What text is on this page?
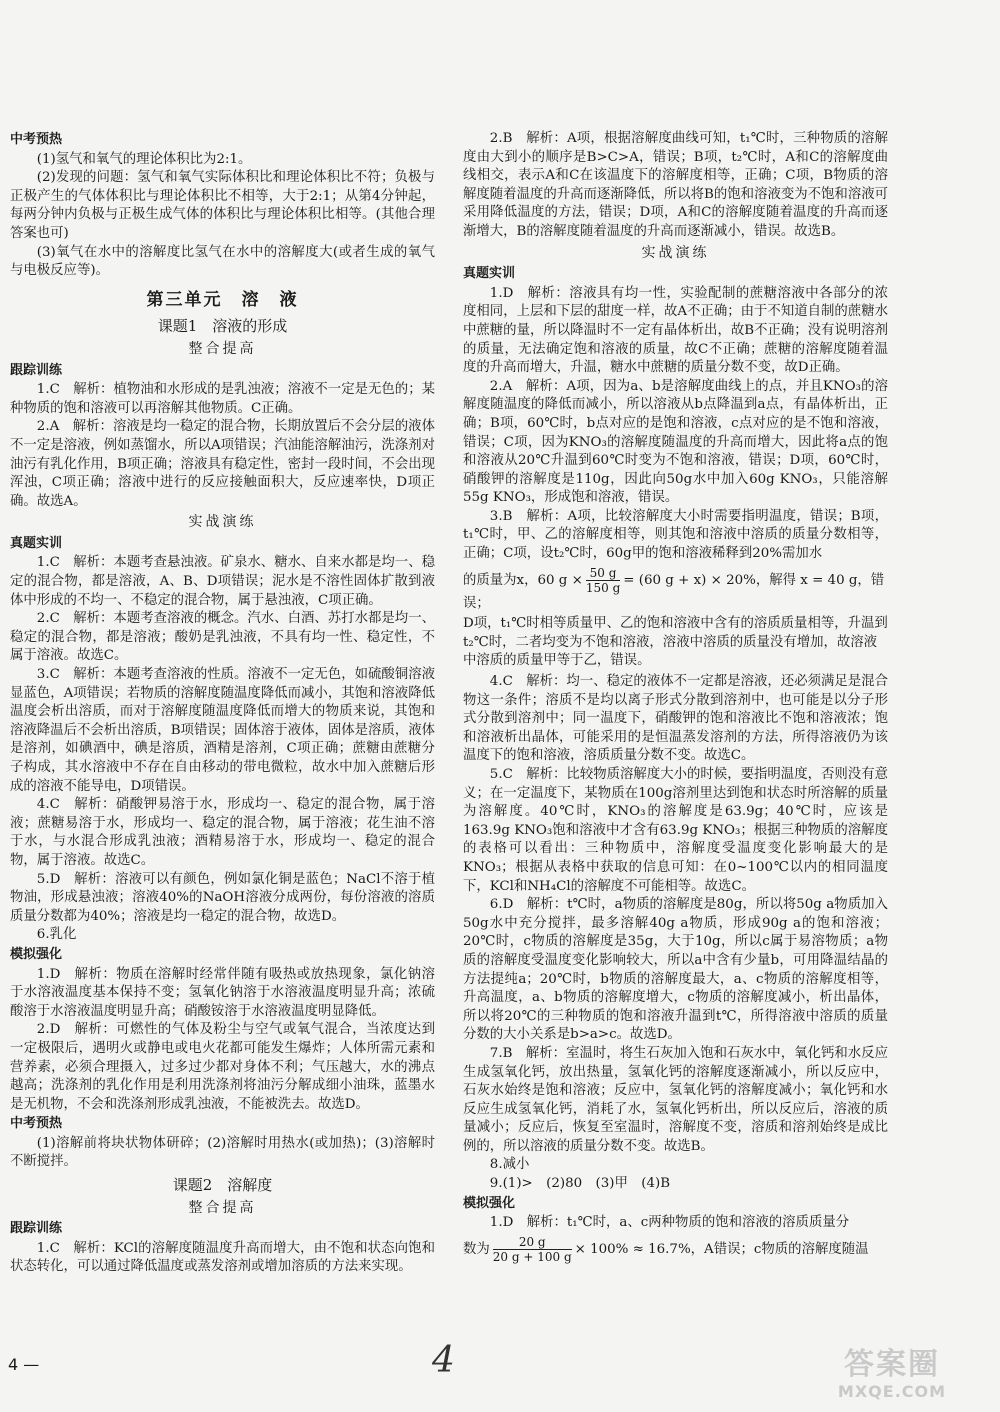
中考预热

(1)氢气和氧气的理论体积比为2:1。

(2)发现的问题：氢气和氧气实际体积比和理论体积比不符；负极与正极产生的气体体积比与理论体积比不相等，大于2:1；从第4分钟起，每两分钟内负极与正极生成气体的体积比与理论体积比相等。(其他合理答案也可)

(3)氧气在水中的溶解度比氢气在水中的溶解度大(或者生成的氧气与电极反应等)。

第三单元　溶　液
课题1　溶液的形成
整合提高
跟踪训练

1.C　解析：植物油和水形成的是乳浊液；溶液不一定是无色的；某种物质的饱和溶液可以再溶解其他物质。C正确。

2.A　解析：溶液是均一稳定的混合物，长期放置后不会分层的液体不一定是溶液，例如蒸馏水，所以A项错误；汽油能溶解油污，洗涤剂对油污有乳化作用，B项正确；溶液具有稳定性，密封一段时间，不会出现浑浊，C项正确；溶液中进行的反应接触面积大，反应速率快，D项正确。故选A。

实战演练
真题实训

1.C　解析：本题考查悬浊液。矿泉水、糖水、自来水都是均一、稳定的混合物，都是溶液，A、B、D项错误；泥水是不溶性固体扩散到液体中形成的不均一、不稳定的混合物，属于悬浊液，C项正确。

2.C　解析：本题考查溶液的概念。汽水、白酒、苏打水都是均一、稳定的混合物，都是溶液；酸奶是乳浊液，不具有均一性、稳定性，不属于溶液。故选C。

3.C　解析：本题考查溶液的性质。溶液不一定无色，如硫酸铜溶液显蓝色，A项错误；若物质的溶解度随温度降低而减小，其饱和溶液降低温度会析出溶质，而对于溶解度随温度降低而增大的物质来说，其饱和溶液降温后不会析出溶质，B项错误；固体溶于液体，固体是溶质，液体是溶剂，如碘酒中，碘是溶质，酒精是溶剂，C项正确；蔗糖由蔗糖分子构成，其水溶液中不存在自由移动的带电微粒，故水中加入蔗糖后形成的溶液不能导电，D项错误。

4.C　解析：硝酸钾易溶于水，形成均一、稳定的混合物，属于溶液；蔗糖易溶于水，形成均一、稳定的混合物，属于溶液；花生油不溶于水，与水混合形成乳浊液；酒精易溶于水，形成均一、稳定的混合物，属于溶液。故选C。

5.D　解析：溶液可以有颜色，例如氯化铜是蓝色；NaCl不溶于植物油，形成悬浊液；溶液40%的NaOH溶液分成两份，每份溶液的溶质质量分数都为40%；溶液是均一稳定的混合物，故选D。

6.乳化

模拟强化

1.D　解析：物质在溶解时经常伴随有吸热或放热现象，氯化钠溶于水溶液温度基本保持不变；氢氧化钠溶于水溶液温度明显升高；浓硫酸溶于水溶液温度明显升高；硝酸铵溶于水溶液温度明显降低。

2.D　解析：可燃性的气体及粉尘与空气或氧气混合，当浓度达到一定极限后，遇明火或静电或电火花都可能发生爆炸；人体所需元素和营养素，必须合理摄入，过多过少都对身体不利；气压越大，水的沸点越高；洗涤剂的乳化作用是利用洗涤剂将油污分解成细小油珠，蓝墨水是无机物，不会和洗涤剂形成乳浊液，不能被洗去。故选D。

中考预热

(1)溶解前将块状物体研碎；(2)溶解时用热水(或加热)；(3)溶解时不断搅拌。

课题2　溶解度
整合提高
跟踪训练

1.C　解析：KCl的溶解度随温度升高而增大，由不饱和状态向饱和状态转化，可以通过降低温度或蒸发溶剂或增加溶质的方法来实现。

2.B　解析：A项，根据溶解度曲线可知，t₁℃时，三种物质的溶解度由大到小的顺序是B>C>A，错误；B项，t₂℃时，A和C的溶解度曲线相交，表示A和C在该温度下的溶解度相等，正确；C项，B物质的溶解度随着温度的升高而逐渐降低，所以将B的饱和溶液变为不饱和溶液可采用降低温度的方法，错误；D项，A和C的溶解度随着温度的升高而逐渐增大，B的溶解度随着温度的升高而逐渐减小，错误。故选B。

实战演练
真题实训

1.D　解析：溶液具有均一性，实验配制的蔗糖溶液中各部分的浓度相同，上层和下层的甜度一样，故A不正确；由于不知道自制的蔗糖水中蔗糖的量，所以降温时不一定有晶体析出，故B不正确；没有说明溶剂的质量，无法确定饱和溶液的质量，故C不正确；蔗糖的溶解度随着温度的升高而增大，升温，糖水中蔗糖的质量分数不变，故D正确。

2.A　解析：A项，因为a、b是溶解度曲线上的点，并且KNO₃的溶解度随温度的降低而减小，所以溶液从b点降温到a点，有晶体析出，正确；B项，60℃时，b点对应的是饱和溶液，c点对应的是不饱和溶液，错误；C项，因为KNO₃的溶解度随温度的升高而增大，因此将a点的饱和溶液从20℃升温到60℃时变为不饱和溶液，错误；D项，60℃时，硝酸钾的溶解度是110g，因此向50g水中加入60g KNO₃，只能溶解55g KNO₃，形成饱和溶液，错误。

3.B　解析：A项，比较溶解度大小时需要指明温度，错误；B项，t₁℃时，甲、乙的溶解度相等，则其饱和溶液中溶质的质量分数相等，正确；C项，设t₂℃时，60g甲的饱和溶液稀释到20%需加水

的质量为x，60 $g \times \frac{50 g}{150 g} = (60$ g + x) × 20%，解得 x = 40 g，错误；

D项，t₁℃时相等质量甲、乙的饱和溶液中含有的溶质质量相等，升温到t₂℃时，二者均变为不饱和溶液，溶液中溶质的质量没有增加，故溶液中溶质的质量甲等于乙，错误。

4.C　解析：均一、稳定的液体不一定都是溶液，还必须满足是混合物这一条件；溶质不是均以离子形式分散到溶剂中，也可能是以分子形式分散到溶剂中；同一温度下，硝酸钾的饱和溶液比不饱和溶液浓；饱和溶液析出晶体，可能采用的是恒温蒸发溶剂的方法，所得溶液仍为该温度下的饱和溶液，溶质质量分数不变。故选C。

5.C　解析：比较物质溶解度大小的时候，要指明温度，否则没有意义；在一定温度下，某物质在100g溶剂里达到饱和状态时所溶解的质量为溶解度。40℃时，KNO₃的溶解度是63.9g；40℃时，应该是163.9g KNO₃饱和溶液中才含有63.9g KNO₃；根据三种物质的溶解度的表格可以看出：三种物质中，溶解度受温度变化影响最大的是KNO₃；根据从表格中获取的信息可知：在0~100℃以内的相同温度下，KCl和NH₄Cl的溶解度不可能相等。故选C。

6.D　解析：t℃时，a物质的溶解度是80g，所以将50g a物质加入50g水中充分搅拌，最多溶解40g a物质，形成90g a的饱和溶液；20℃时，c物质的溶解度是35g，大于10g，所以c属于易溶物质；a物质的溶解度受温度变化影响较大，所以a中含有少量b，可用降温结晶的方法提纯a；20℃时，b物质的溶解度最大，a、c物质的溶解度相等，升高温度，a、b物质的溶解度增大，c物质的溶解度减小，析出晶体，所以将20℃的三种物质的饱和溶液升温到t℃，所得溶液中溶质的质量分数的大小关系是b>a>c。故选D。

7.B　解析：室温时，将生石灰加入饱和石灰水中，氧化钙和水反应生成氢氧化钙，放出热量，氢氧化钙的溶解度逐渐减小，所以反应中，石灰水始终是饱和溶液；反应中，氢氧化钙的溶解度减小；氧化钙和水反应生成氢氧化钙，消耗了水，氢氧化钙析出，所以反应后，溶液的质量减小；反应后，恢复至室温时，溶解度不变，溶质和溶剂始终是成比例的，所以溶液的质量分数不变。故选B。

8.减小

9.(1)>　(2)80　(3)甲　(4)B

模拟强化

1.D　解析：t₁℃时，a、c两种物质的饱和溶液的溶质质量分

数为 $\frac{20 g}{20 g + 100 g} \times 100\% \approx 16.7\%$，A错误；c物质的溶解度随温

4 —	4	答案圈
MXQE.COM
